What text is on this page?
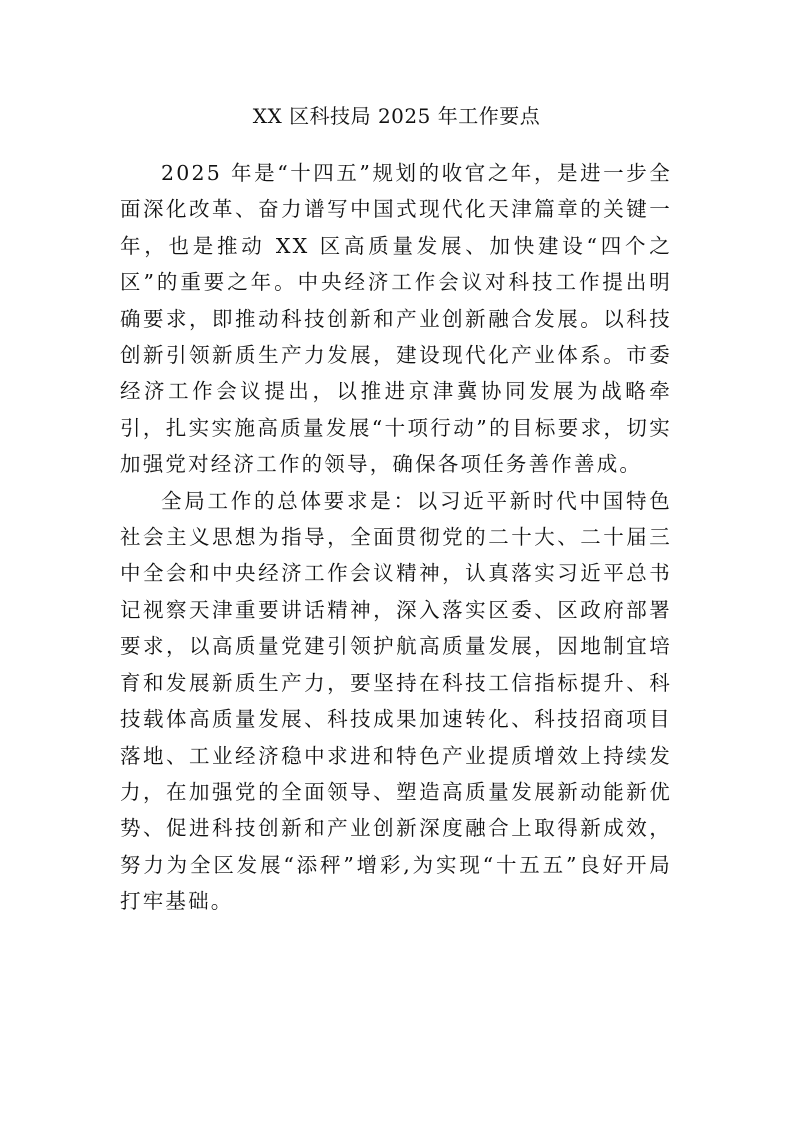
XX 区科技局 2025 年工作要点

2025 年是“十四五”规划的收官之年，是进一步全面深化改革、奋力谱写中国式现代化天津篇章的关键一年，也是推动 XX 区高质量发展、加快建设“四个之区”的重要之年。中央经济工作会议对科技工作提出明确要求，即推动科技创新和产业创新融合发展。以科技创新引领新质生产力发展，建设现代化产业体系。市委经济工作会议提出，以推进京津冀协同发展为战略牵引，扎实实施高质量发展“十项行动”的目标要求，切实加强党对经济工作的领导，确保各项任务善作善成。

全局工作的总体要求是：以习近平新时代中国特色社会主义思想为指导，全面贯彻党的二十大、二十届三中全会和中央经济工作会议精神，认真落实习近平总书记视察天津重要讲话精神，深入落实区委、区政府部署要求，以高质量党建引领护航高质量发展，因地制宜培育和发展新质生产力，要坚持在科技工信指标提升、科技载体高质量发展、科技成果加速转化、科技招商项目落地、工业经济稳中求进和特色产业提质增效上持续发力，在加强党的全面领导、塑造高质量发展新动能新优势、促进科技创新和产业创新深度融合上取得新成效，努力为全区发展“添秤”增彩,为实现“十五五”良好开局打牢基础。
